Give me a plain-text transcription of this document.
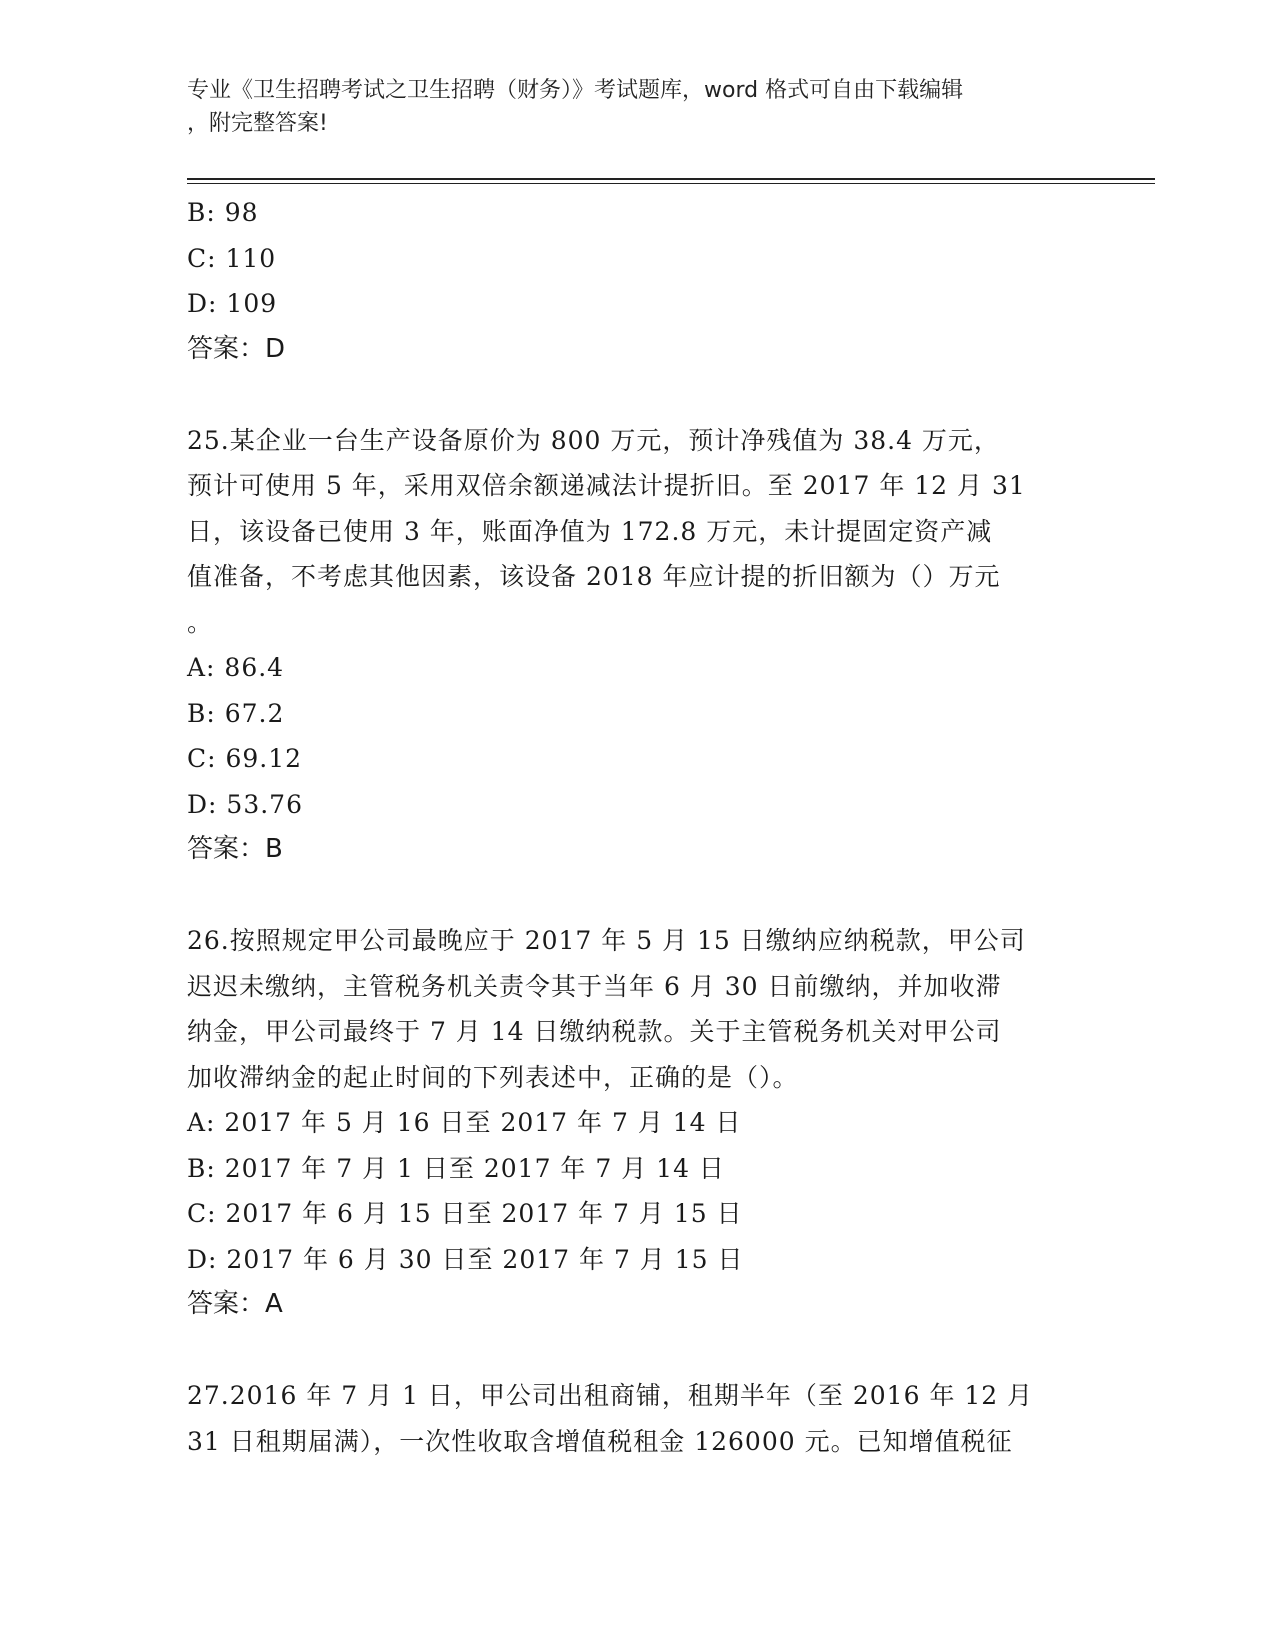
专业《卫生招聘考试之卫生招聘（财务）》考试题库，word 格式可自由下载编辑
，附完整答案!
B: 98
C: 110
D: 109
答案：D
25.某企业一台生产设备原价为 800 万元，预计净残值为 38.4 万元，
预计可使用 5 年，采用双倍余额递减法计提折旧。至 2017 年 12 月 31
日，该设备已使用 3 年，账面净值为 172.8 万元，未计提固定资产减
值准备，不考虑其他因素，该设备 2018 年应计提的折旧额为（）万元
。
A: 86.4
B: 67.2
C: 69.12
D: 53.76
答案：B
26.按照规定甲公司最晚应于 2017 年 5 月 15 日缴纳应纳税款，甲公司
迟迟未缴纳，主管税务机关责令其于当年 6 月 30 日前缴纳，并加收滞
纳金，甲公司最终于 7 月 14 日缴纳税款。关于主管税务机关对甲公司
加收滞纳金的起止时间的下列表述中，正确的是（）。
A: 2017 年 5 月 16 日至 2017 年 7 月 14 日
B: 2017 年 7 月 1 日至 2017 年 7 月 14 日
C: 2017 年 6 月 15 日至 2017 年 7 月 15 日
D: 2017 年 6 月 30 日至 2017 年 7 月 15 日
答案：A
27.2016 年 7 月 1 日，甲公司出租商铺，租期半年（至 2016 年 12 月
31 日租期届满），一次性收取含增值税租金 126000 元。已知增值税征
